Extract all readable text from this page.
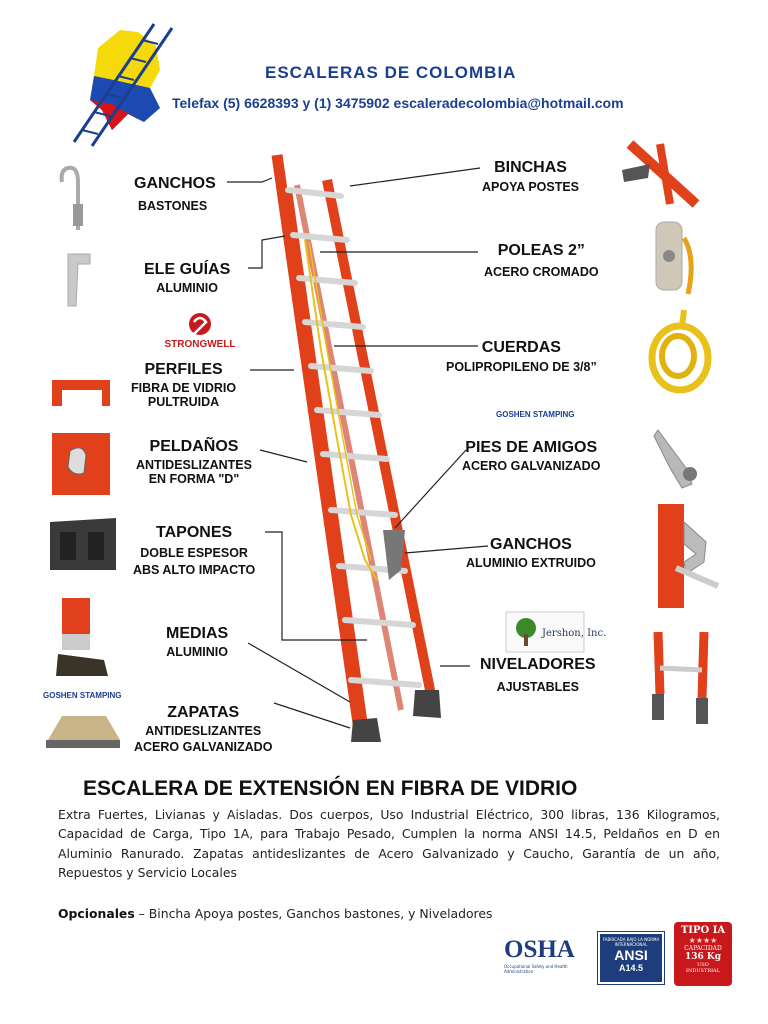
ESCALERAS DE COLOMBIA
Telefax (5) 6628393 y (1) 3475902 escaleradecolombia@hotmail.com
GANCHOS
BASTONES
ELE GUÍAS
ALUMINIO
PERFILES
FIBRA DE VIDRIO
PULTRUIDA
PELDAÑOS
ANTIDESLIZANTES
EN FORMA "D"
TAPONES
DOBLE ESPESOR
ABS ALTO IMPACTO
MEDIAS
ALUMINIO
ZAPATAS
ANTIDESLIZANTES
ACERO GALVANIZADO
BINCHAS
APOYA POSTES
POLEAS 2”
ACERO CROMADO
CUERDAS
POLIPROPILENO DE 3/8”
PIES DE AMIGOS
ACERO GALVANIZADO
GANCHOS
ALUMINIO EXTRUIDO
NIVELADORES
AJUSTABLES
STRONGWELL
GOSHEN STAMPING
GOSHEN STAMPING
Jershon, Inc.
ESCALERA DE EXTENSIÓN EN FIBRA DE VIDRIO
Extra Fuertes, Livianas y Aisladas. Dos cuerpos, Uso Industrial Eléctrico, 300 libras, 136 Kilogramos, Capacidad de Carga, Tipo 1A, para Trabajo Pesado, Cumplen la norma ANSI 14.5, Peldaños en D en Aluminio Ranurado. Zapatas antideslizantes de Acero Galvanizado y Caucho, Garantía de un año, Repuestos y Servicio Locales
Opcionales – Bincha Apoya postes, Ganchos bastones, y Niveladores
OSHA
Occupational Safety and Health Administration
FABRICADA BAJO LA NORMA INTERNACIONAL
ANSI
A14.5
TIPO IA
★★★★
CAPACIDAD
136 Kg
USO
INDUSTRIAL
